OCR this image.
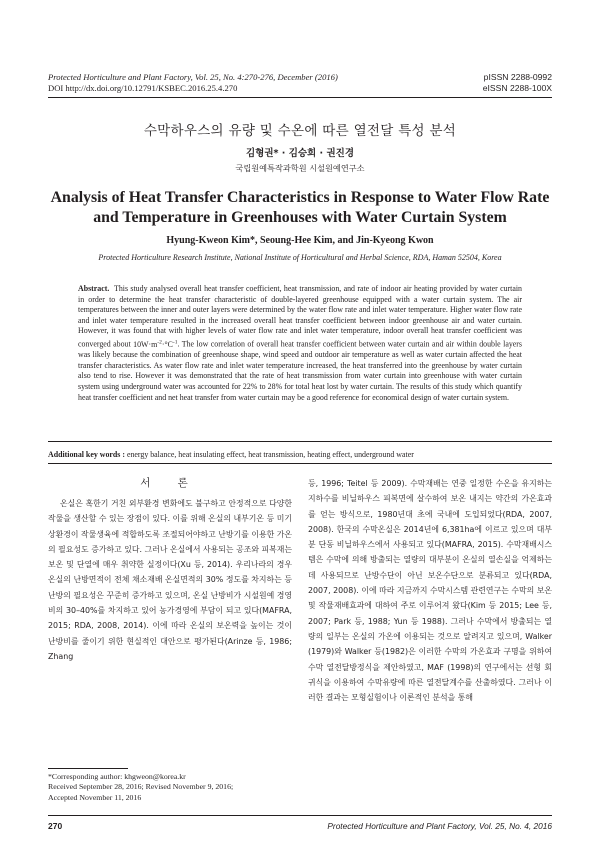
Protected Horticulture and Plant Factory, Vol. 25, No. 4:270-276, December (2016)
DOI http://dx.doi.org/10.12791/KSBEC.2016.25.4.270
pISSN 2288-0992
eISSN 2288-100X
수막하우스의 유량 및 수온에 따른 열전달 특성 분석
김형권* · 김승희 · 권진경
국립원예특작과학원 시설원예연구소
Analysis of Heat Transfer Characteristics in Response to Water Flow Rate and Temperature in Greenhouses with Water Curtain System
Hyung-Kweon Kim*, Seoung-Hee Kim, and Jin-Kyeong Kwon
Protected Horticulture Research Institute, National Institute of Horticultural and Herbal Science, RDA, Haman 52504, Korea
Abstract. This study analysed overall heat transfer coefficient, heat transmission, and rate of indoor air heating provided by water curtain in order to determine the heat transfer characteristic of double-layered greenhouse equipped with a water curtain system. The air temperatures between the inner and outer layers were determined by the water flow rate and inlet water temperature. Higher water flow rate and inlet water temperature resulted in the increased overall heat transfer coefficient between indoor greenhouse air and water curtain. However, it was found that with higher levels of water flow rate and inlet water temperature, indoor overall heat transfer coefficient was converged about $10W\cdot m^{-2}\cdot^\circ C^{-1}$. The low correlation of overall heat transfer coefficient between water curtain and air within double layers was likely because the combination of greenhouse shape, wind speed and outdoor air temperature as well as water curtain affected the heat transfer characteristics. As water flow rate and inlet water temperature increased, the heat transferred into the greenhouse by water curtain also tend to rise. However it was demonstrated that the rate of heat transmission from water curtain into greenhouse with water curtain system using underground water was accounted for 22% to 28% for total heat lost by water curtain. The results of this study which quantify heat transfer coefficient and net heat transfer from water curtain may be a good reference for economical design of water curtain system.
Additional key words : energy balance, heat insulating effect, heat transmission, heating effect, underground water
서 론

온실은 혹한기 거친 외부환경 변화에도 불구하고 안정적으로 다양한 작물을 생산할 수 있는 장점이 있다. 이를 위해 온실의 내부기온 등 미기상환경이 작물생육에 적합하도록 조절되어야하고 난방기를 이용한 가온의 필요성도 증가하고 있다. 그러나 온실에서 사용되는 공조와 피복재는 보온 및 단열에 매우 취약한 실정이다(Xu 등, 2014). 우리나라의 경우 온실의 난방면적이 전체 채소재배 온실면적의 30% 정도를 차지하는 등 난방의 필요성은 꾸준히 증가하고 있으며, 온실 난방비가 시설원예 경영비의 30–40%를 차지하고 있어 농가경영에 부담이 되고 있다(MAFRA, 2015; RDA, 2008, 2014). 이에 따라 온실의 보온력을 높이는 것이 난방비를 줄이기 위한 현실적인 대안으로 평가된다(Arinze 등, 1986; Zhang

등, 1996; Teitel 등 2009). 수막재배는 연중 일정한 수온을 유지하는 지하수를 비닐하우스 피복면에 살수하여 보온 내지는 약간의 가온효과를 얻는 방식으로, 1980년대 초에 국내에 도입되었다(RDA, 2007, 2008). 한국의 수막온실은 2014년에 6,381ha에 이르고 있으며 대부분 단동 비닐하우스에서 사용되고 있다(MAFRA, 2015). 수막재배시스템은 수막에 의해 방출되는 열량의 대부분이 온실의 열손실을 억제하는데 사용되므로 난방수단이 아닌 보온수단으로 분류되고 있다(RDA, 2007, 2008). 이에 따라 지금까지 수막시스템 관련연구는 수막의 보온 및 작물재배효과에 대하여 주로 이루어져 왔다(Kim 등 2015; Lee 등, 2007; Park 등, 1988; Yun 등 1988). 그러나 수막에서 방출되는 열량의 일부는 온실의 가온에 이용되는 것으로 알려지고 있으며, Walker (1979)와 Walker 등(1982)은 이러한 수막의 가온효과 구명을 위하여 수막 열전달방정식을 제안하였고, MAF (1998)의 연구에서는 선형 회귀식을 이용하여 수막유량에 따른 열전달계수를 산출하였다. 그러나 이러한 결과는 모형실험이나 이론적인 분석을 통해

*Corresponding author: khgweon@korea.kr
Received September 28, 2016; Revised November 9, 2016;
Accepted November 11, 2016
270	Protected Horticulture and Plant Factory, Vol. 25, No. 4, 2016
